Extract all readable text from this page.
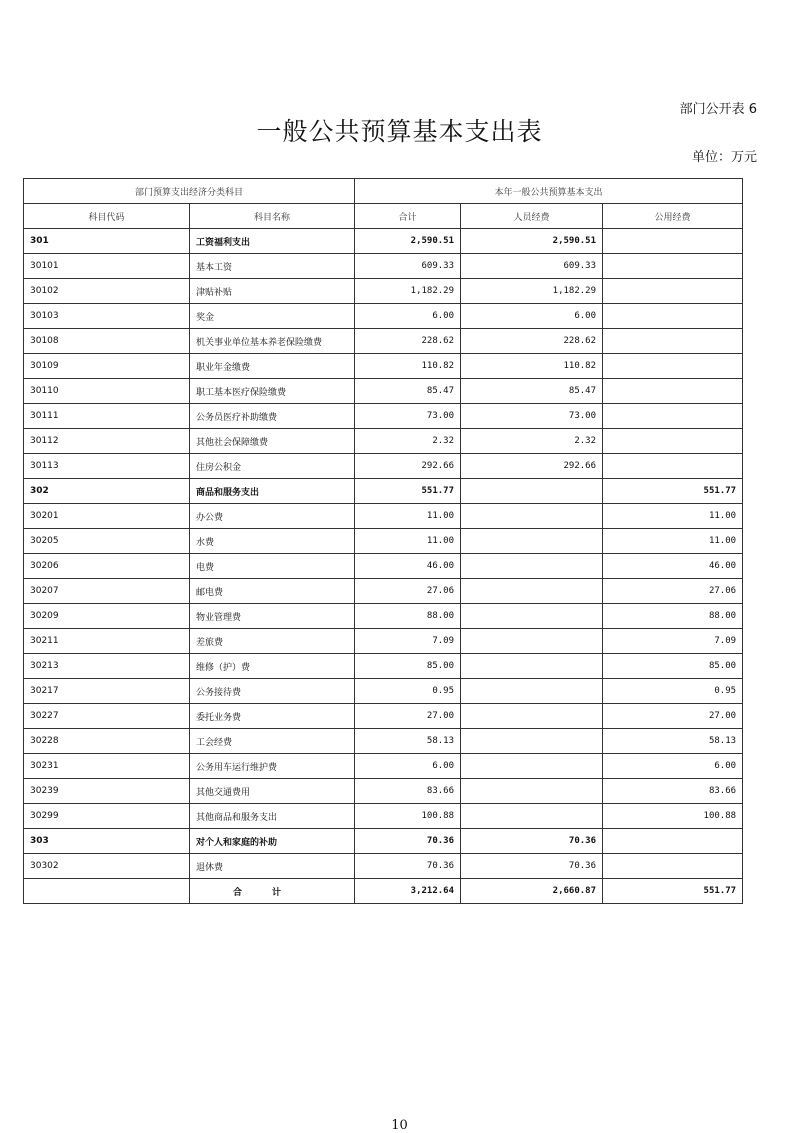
部门公开表 6
一般公共预算基本支出表
单位：万元
部门预算支出经济分类科目		本年一般公共预算基本支出		
科目代码	科目名称	合计	人员经费	公用经费
301	工资福利支出	2,590.51	2,590.51	
30101	基本工资	609.33	609.33	
30102	津贴补贴	1,182.29	1,182.29	
30103	奖金	6.00	6.00	
30108	机关事业单位基本养老保险缴费	228.62	228.62	
30109	职业年金缴费	110.82	110.82	
30110	职工基本医疗保险缴费	85.47	85.47	
30111	公务员医疗补助缴费	73.00	73.00	
30112	其他社会保障缴费	2.32	2.32	
30113	住房公积金	292.66	292.66	
302	商品和服务支出	551.77		551.77
30201	办公费	11.00		11.00
30205	水费	11.00		11.00
30206	电费	46.00		46.00
30207	邮电费	27.06		27.06
30209	物业管理费	88.00		88.00
30211	差旅费	7.09		7.09
30213	维修（护）费	85.00		85.00
30217	公务接待费	0.95		0.95
30227	委托业务费	27.00		27.00
30228	工会经费	58.13		58.13
30231	公务用车运行维护费	6.00		6.00
30239	其他交通费用	83.66		83.66
30299	其他商品和服务支出	100.88		100.88
303	对个人和家庭的补助	70.36	70.36	
30302	退休费	70.36	70.36	
	合计	3,212.64	2,660.87	551.77
10
